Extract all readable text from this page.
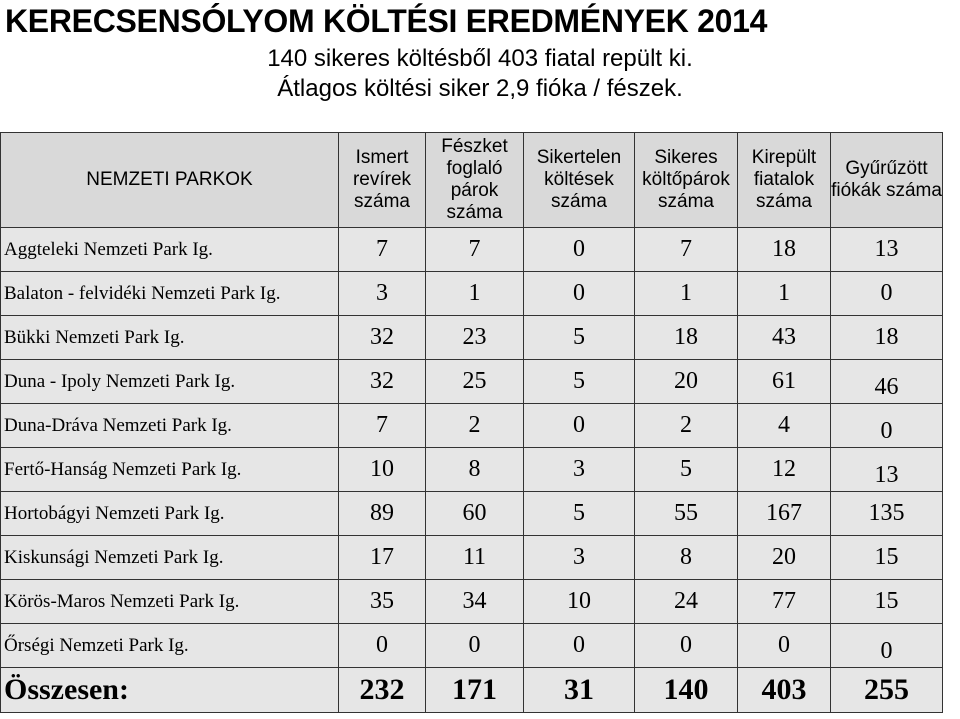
KERECSENSÓLYOM KÖLTÉSI EREDMÉNYEK 2014
140 sikeres költésből 403 fiatal repült ki.
Átlagos költési siker 2,9 fióka / fészek.
NEMZETI PARKOK	Ismert revírek száma	Fészket foglaló párok száma	Sikertelen költések száma	Sikeres költőpárok száma	Kirepült fiatalok száma	Gyűrűzött fiókák száma
Aggteleki Nemzeti Park Ig.	7	7	0	7	18	13
Balaton - felvidéki Nemzeti Park Ig.	3	1	0	1	1	0
Bükki Nemzeti Park Ig.	32	23	5	18	43	18
Duna - Ipoly Nemzeti Park Ig.	32	25	5	20	61	46
Duna-Dráva Nemzeti Park Ig.	7	2	0	2	4	0
Fertő-Hanság Nemzeti Park Ig.	10	8	3	5	12	13
Hortobágyi Nemzeti Park Ig.	89	60	5	55	167	135
Kiskunsági Nemzeti Park Ig.	17	11	3	8	20	15
Körös-Maros Nemzeti Park Ig.	35	34	10	24	77	15
Őrségi Nemzeti Park Ig.	0	0	0	0	0	0
Összesen:	232	171	31	140	403	255
